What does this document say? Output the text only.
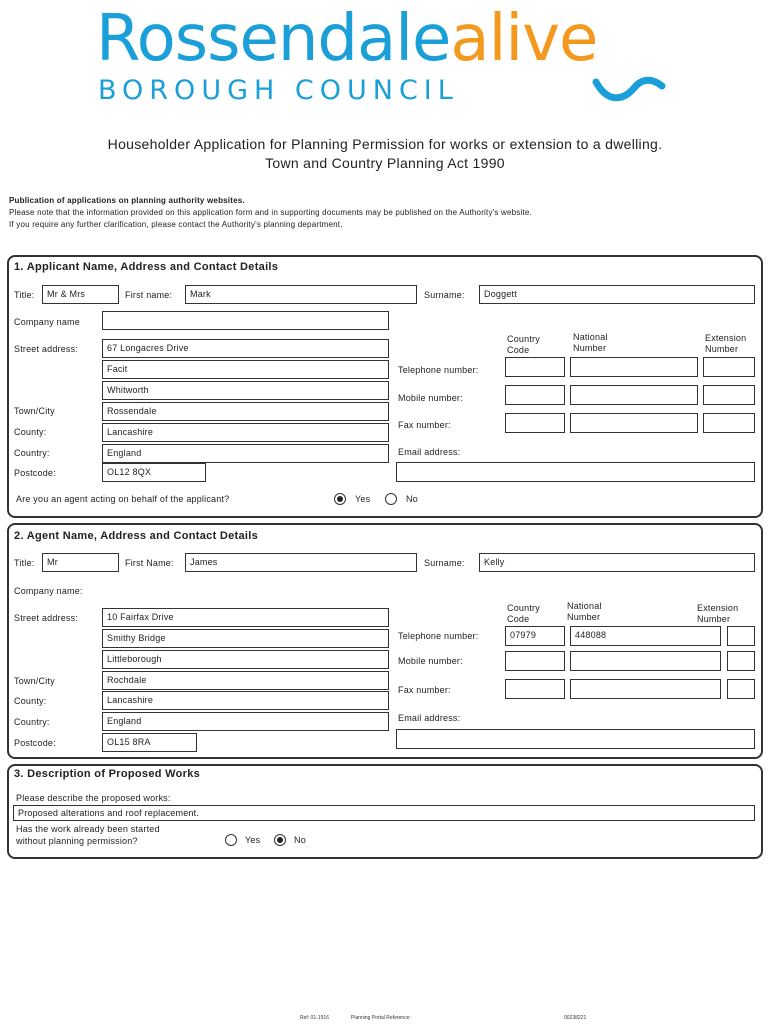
Rossendalealive
BOROUGH COUNCIL
Householder Application for Planning Permission for works or extension to a dwelling.
Town and Country Planning Act 1990
Publication of applications on planning authority websites.
Please note that the information provided on this application form and in supporting documents may be published on the Authority's website.
If you require any further clarification, please contact the Authority's planning department.
1. Applicant Name, Address and Contact Details
Title:	Mr & Mrs	First name:	Mark	Surname:	Doggett
Company name
Street address:	67 Longacres Drive
Facit
Whitworth
Town/City	Rossendale
County:	Lancashire
Country:	England
Postcode:	OL12 8QX
Country Code
National Number
Extension Number
Telephone number:
Mobile number:
Fax number:
Email address:
Are you an agent acting on behalf of the applicant?	Yes	No
2. Agent Name, Address and Contact Details
Title:	Mr	First Name:	James	Surname:	Kelly
Company name:
Street address:	10 Fairfax Drive
Smithy Bridge
Littleborough
Town/City	Rochdale
County:	Lancashire
Country:	England
Postcode:	OL15 8RA
Country Code
National Number
Extension Number
Telephone number:	07979	448088
Mobile number:
Fax number:
Email address:
3. Description of Proposed Works
Please describe the proposed works:
Proposed alterations and roof replacement.
Has the work already been started
without planning permission?	Yes	No
Ref: 01-1916	Planning Portal Reference:	00238221
